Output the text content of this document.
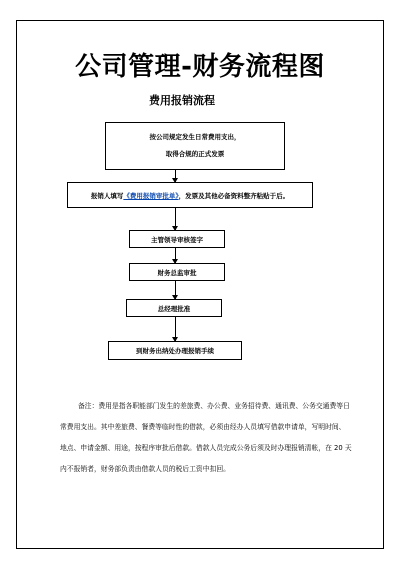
公司管理-财务流程图
费用报销流程
按公司规定发生日常费用支出，
取得合规的正式发票
报销人填写《费用报销审批单》，发票及其他必备资料整齐粘贴于后。
主管领导审核签字
财务总监审批
总经理批准
到财务出纳处办理报销手续
备注：费用是指各职能部门发生的差旅费、办公费、业务招待费、通讯费、公务交通费等日常费用支出。其中差旅费、餐费等临时性的借款，必须由经办人员填写借款申请单，写明时间、地点、申请金额、用途，按程序审批后借款。借款人员完成公务后须及时办理报销清帐，在 20 天内不报销者，财务部负责由借款人员的税后工资中扣回。
